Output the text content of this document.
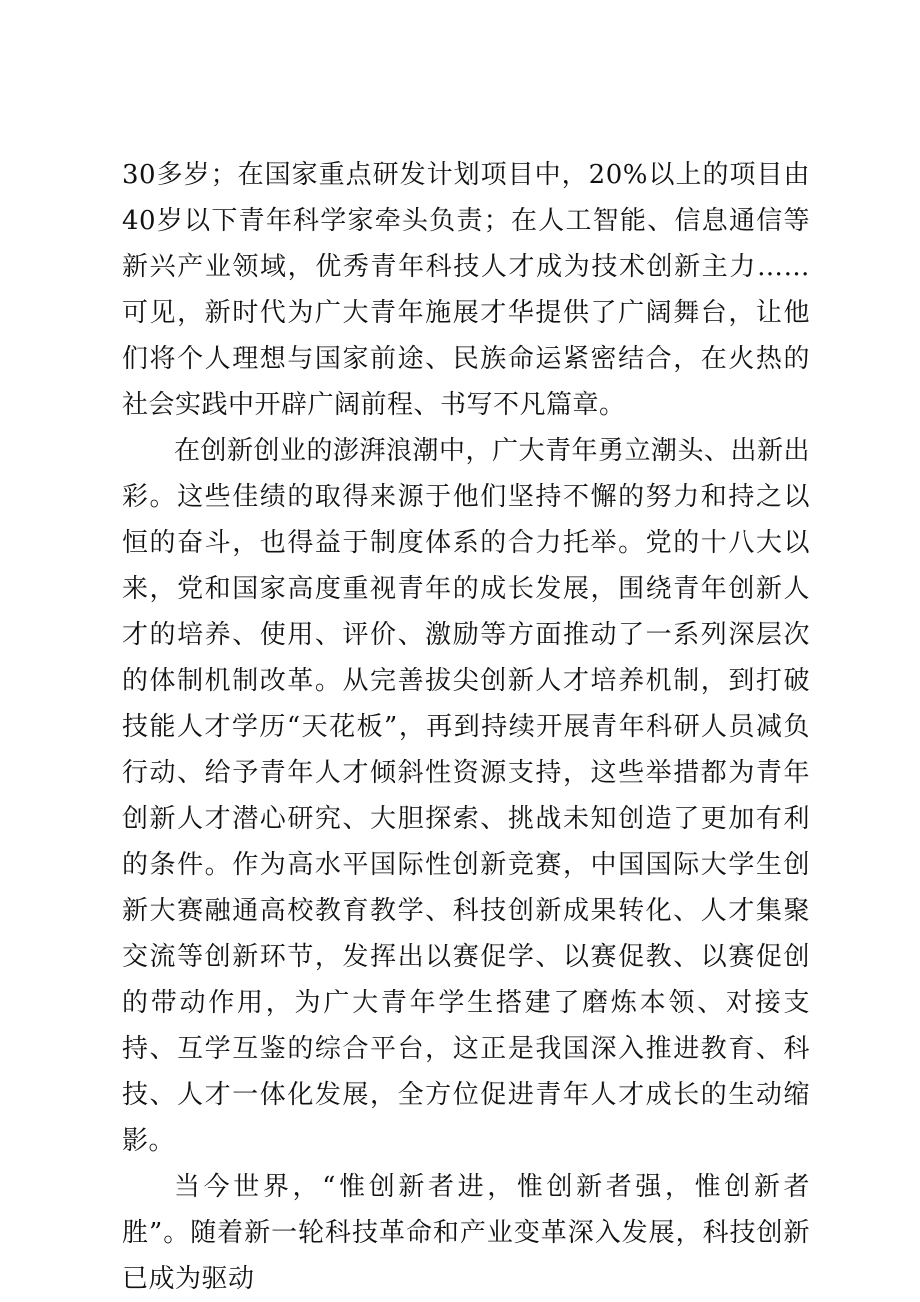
30多岁；在国家重点研发计划项目中，20%以上的项目由40岁以下青年科学家牵头负责；在人工智能、信息通信等新兴产业领域，优秀青年科技人才成为技术创新主力……可见，新时代为广大青年施展才华提供了广阔舞台，让他们将个人理想与国家前途、民族命运紧密结合，在火热的社会实践中开辟广阔前程、书写不凡篇章。

在创新创业的澎湃浪潮中，广大青年勇立潮头、出新出彩。这些佳绩的取得来源于他们坚持不懈的努力和持之以恒的奋斗，也得益于制度体系的合力托举。党的十八大以来，党和国家高度重视青年的成长发展，围绕青年创新人才的培养、使用、评价、激励等方面推动了一系列深层次的体制机制改革。从完善拔尖创新人才培养机制，到打破技能人才学历“天花板”，再到持续开展青年科研人员减负行动、给予青年人才倾斜性资源支持，这些举措都为青年创新人才潜心研究、大胆探索、挑战未知创造了更加有利的条件。作为高水平国际性创新竞赛，中国国际大学生创新大赛融通高校教育教学、科技创新成果转化、人才集聚交流等创新环节，发挥出以赛促学、以赛促教、以赛促创的带动作用，为广大青年学生搭建了磨炼本领、对接支持、互学互鉴的综合平台，这正是我国深入推进教育、科技、人才一体化发展，全方位促进青年人才成长的生动缩影。

当今世界，“惟创新者进，惟创新者强，惟创新者胜”。随着新一轮科技革命和产业变革深入发展，科技创新已成为驱动
